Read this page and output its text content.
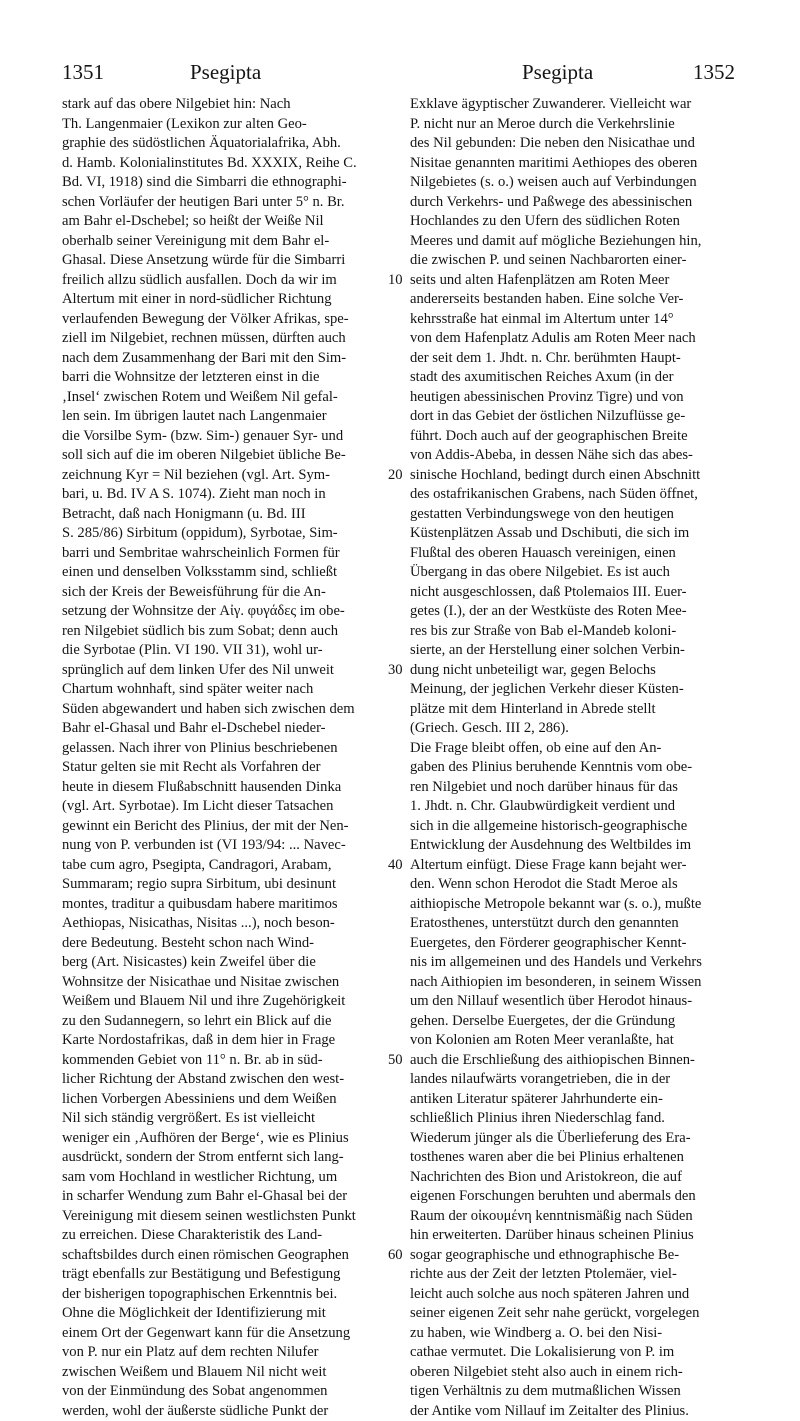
1351	Psegipta	Psegipta	1352
stark auf das obere Nilgebiet hin: Nach
Th. Langenmaier (Lexikon zur alten Geo-
graphie des südöstlichen Äquatorialafrika, Abh.
d. Hamb. Kolonialinstitutes Bd. XXXIX, Reihe C.
Bd. VI, 1918) sind die Simbarri die ethnographi-
schen Vorläufer der heutigen Bari unter 5° n. Br.
am Bahr el-Dschebel; so heißt der Weiße Nil
oberhalb seiner Vereinigung mit dem Bahr el-
Ghasal. Diese Ansetzung würde für die Simbarri
freilich allzu südlich ausfallen. Doch da wir im
Altertum mit einer in nord-südlicher Richtung
verlaufenden Bewegung der Völker Afrikas, spe-
ziell im Nilgebiet, rechnen müssen, dürften auch
nach dem Zusammenhang der Bari mit den Sim-
barri die Wohnsitze der letzteren einst in die
‚Insel‘ zwischen Rotem und Weißem Nil gefal-
len sein. Im übrigen lautet nach Langenmaier
die Vorsilbe Sym- (bzw. Sim-) genauer Syr- und
soll sich auf die im oberen Nilgebiet übliche Be-
zeichnung Kyr = Nil beziehen (vgl. Art. Sym-
bari, u. Bd. IV A S. 1074). Zieht man noch in
Betracht, daß nach Honigmann (u. Bd. III
S. 285/86) Sirbitum (oppidum), Syrbotae, Sim-
barri und Sembritae wahrscheinlich Formen für
einen und denselben Volksstamm sind, schließt
sich der Kreis der Beweisführung für die An-
setzung der Wohnsitze der Αἰγ. φυγάδες im obe-
ren Nilgebiet südlich bis zum Sobat; denn auch
die Syrbotae (Plin. VI 190. VII 31), wohl ur-
sprünglich auf dem linken Ufer des Nil unweit
Chartum wohnhaft, sind später weiter nach
Süden abgewandert und haben sich zwischen dem
Bahr el-Ghasal und Bahr el-Dschebel nieder-
gelassen. Nach ihrer von Plinius beschriebenen
Statur gelten sie mit Recht als Vorfahren der
heute in diesem Flußabschnitt hausenden Dinka
(vgl. Art. Syrbotae). Im Licht dieser Tatsachen
gewinnt ein Bericht des Plinius, der mit der Nen-
nung von P. verbunden ist (VI 193/94: ... Navec-
tabe cum agro, Psegipta, Candragori, Arabam,
Summaram; regio supra Sirbitum, ubi desinunt
montes, traditur a quibusdam habere maritimos
Aethiopas, Nisicathas, Nisitas ...), noch beson-
dere Bedeutung. Besteht schon nach Wind-
berg (Art. Nisicastes) kein Zweifel über die
Wohnsitze der Nisicathae und Nisitae zwischen
Weißem und Blauem Nil und ihre Zugehörigkeit
zu den Sudannegern, so lehrt ein Blick auf die
Karte Nordostafrikas, daß in dem hier in Frage
kommenden Gebiet von 11° n. Br. ab in süd-
licher Richtung der Abstand zwischen den west-
lichen Vorbergen Abessiniens und dem Weißen
Nil sich ständig vergrößert. Es ist vielleicht
weniger ein ‚Aufhören der Berge‘, wie es Plinius
ausdrückt, sondern der Strom entfernt sich lang-
sam vom Hochland in westlicher Richtung, um
in scharfer Wendung zum Bahr el-Ghasal bei der
Vereinigung mit diesem seinen westlichsten Punkt
zu erreichen. Diese Charakteristik des Land-
schaftsbildes durch einen römischen Geographen
trägt ebenfalls zur Bestätigung und Befestigung
der bisherigen topographischen Erkenntnis bei.
Ohne die Möglichkeit der Identifizierung mit
einem Ort der Gegenwart kann für die Ansetzung
von P. nur ein Platz auf dem rechten Nilufer
zwischen Weißem und Blauem Nil nicht weit
von der Einmündung des Sobat angenommen
werden, wohl der äußerste südliche Punkt der
Exklave ägyptischer Zuwanderer. Vielleicht war
P. nicht nur an Meroe durch die Verkehrslinie
des Nil gebunden: Die neben den Nisicathae und
Nisitae genannten maritimi Aethiopes des oberen
Nilgebietes (s. o.) weisen auch auf Verbindungen
durch Verkehrs- und Paßwege des abessinischen
Hochlandes zu den Ufern des südlichen Roten
Meeres und damit auf mögliche Beziehungen hin,
die zwischen P. und seinen Nachbarorten einer-
seits und alten Hafenplätzen am Roten Meer
andererseits bestanden haben. Eine solche Ver-
kehrsstraße hat einmal im Altertum unter 14°
von dem Hafenplatz Adulis am Roten Meer nach
der seit dem 1. Jhdt. n. Chr. berühmten Haupt-
stadt des axumitischen Reiches Axum (in der
heutigen abessinischen Provinz Tigre) und von
dort in das Gebiet der östlichen Nilzuflüsse ge-
führt. Doch auch auf der geographischen Breite
von Addis-Abeba, in dessen Nähe sich das abes-
sinische Hochland, bedingt durch einen Abschnitt
des ostafrikanischen Grabens, nach Süden öffnet,
gestatten Verbindungswege von den heutigen
Küstenplätzen Assab und Dschibuti, die sich im
Flußtal des oberen Hauasch vereinigen, einen
Übergang in das obere Nilgebiet. Es ist auch
nicht ausgeschlossen, daß Ptolemaios III. Euer-
getes (I.), der an der Westküste des Roten Mee-
res bis zur Straße von Bab el-Mandeb koloni-
sierte, an der Herstellung einer solchen Verbin-
dung nicht unbeteiligt war, gegen Belochs
Meinung, der jeglichen Verkehr dieser Küsten-
plätze mit dem Hinterland in Abrede stellt
(Griech. Gesch. III 2, 286).
Die Frage bleibt offen, ob eine auf den An-
gaben des Plinius beruhende Kenntnis vom obe-
ren Nilgebiet und noch darüber hinaus für das
1. Jhdt. n. Chr. Glaubwürdigkeit verdient und
sich in die allgemeine historisch-geographische
Entwicklung der Ausdehnung des Weltbildes im
Altertum einfügt. Diese Frage kann bejaht wer-
den. Wenn schon Herodot die Stadt Meroe als
aithiopische Metropole bekannt war (s. o.), mußte
Eratosthenes, unterstützt durch den genannten
Euergetes, den Förderer geographischer Kennt-
nis im allgemeinen und des Handels und Verkehrs
nach Aithiopien im besonderen, in seinem Wissen
um den Nillauf wesentlich über Herodot hinaus-
gehen. Derselbe Euergetes, der die Gründung
von Kolonien am Roten Meer veranlaßte, hat
auch die Erschließung des aithiopischen Binnen-
landes nilaufwärts vorangetrieben, die in der
antiken Literatur späterer Jahrhunderte ein-
schließlich Plinius ihren Niederschlag fand.
Wiederum jünger als die Überlieferung des Era-
tosthenes waren aber die bei Plinius erhaltenen
Nachrichten des Bion und Aristokreon, die auf
eigenen Forschungen beruhten und abermals den
Raum der οἰκουμένη kenntnismäßig nach Süden
hin erweiterten. Darüber hinaus scheinen Plinius
sogar geographische und ethnographische Be-
richte aus der Zeit der letzten Ptolemäer, viel-
leicht auch solche aus noch späteren Jahren und
seiner eigenen Zeit sehr nahe gerückt, vorgelegen
zu haben, wie Windberg a. O. bei den Nisi-
cathae vermutet. Die Lokalisierung von P. im
oberen Nilgebiet steht also auch in einem rich-
tigen Verhältnis zu dem mutmaßlichen Wissen
der Antike vom Nillauf im Zeitalter des Plinius.
10
20
30
40
50
60
